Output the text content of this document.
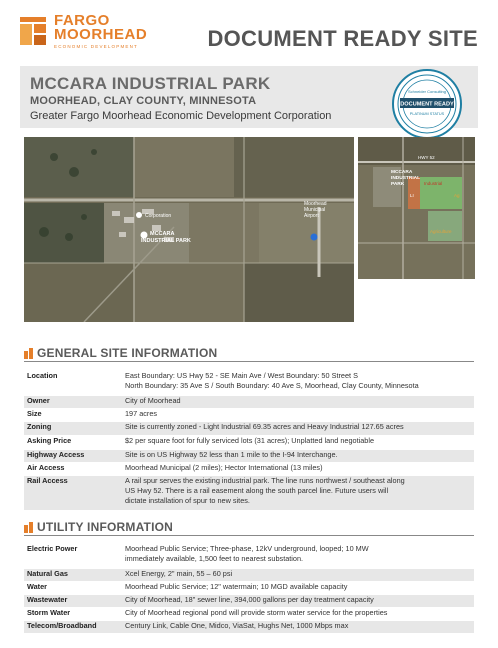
FARGO
MOORHEAD
ECONOMIC DEVELOPMENT	DOCUMENT READY SITE
MCCARA INDUSTRIAL PARK
MOORHEAD, CLAY COUNTY, MINNESOTA
Greater Fargo Moorhead Economic Development Corporation
Schneider Consulting
DOCUMENT READY
PLATINUM STATUS
Corporation
MCCARA
INDUSTRIAL PARK
Moorhead
Municipal
Airport
HWY 52
MCCARA
INDUSTRIAL
PARK	Industrial
LI	Ag
Agriculture
GENERAL SITE INFORMATION
Location	East Boundary: US Hwy 52 - SE Main Ave / West Boundary: 50 Street S
North Boundary: 35 Ave S / South Boundary: 40 Ave S, Moorhead, Clay County, Minnesota

Owner	City of Moorhead

Size	197 acres

Zoning	Site is currently zoned - Light Industrial 69.35 acres and Heavy Industrial 127.65 acres

Asking Price	$2 per square foot for fully serviced lots (31 acres); Unplatted land negotiable

Highway Access	Site is on US Highway 52 less than 1 mile to the I-94 Interchange.

Air Access	Moorhead Municipal (2 miles); Hector International (13 miles)

Rail Access	A rail spur serves the existing industrial park. The line runs northwest / southeast along
US Hwy 52. There is a rail easement along the south parcel line. Future users will
dictate installation of spur to new sites.
UTILITY INFORMATION
Electric Power	Moorhead Public Service; Three-phase, 12kV underground, looped; 10 MW
immediately available, 1,500 feet to nearest substation.

Natural Gas	Xcel Energy, 2" main, 55 – 60 psi

Water	Moorhead Public Service; 12" watermain; 10 MGD available capacity

Wastewater	City of Moorhead, 18" sewer line, 394,000 gallons per day treatment capacity

Storm Water	City of Moorhead regional pond will provide storm water service for the properties

Telecom/Broadband	Century Link, Cable One, Midco, ViaSat, Hughs Net, 1000 Mbps max
